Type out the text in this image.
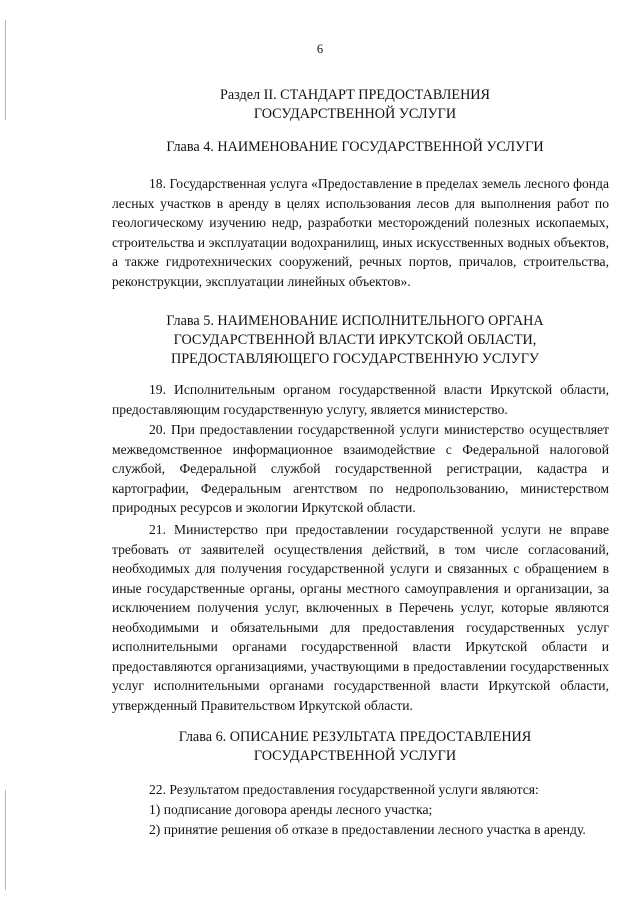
6
Раздел II. СТАНДАРТ ПРЕДОСТАВЛЕНИЯ
ГОСУДАРСТВЕННОЙ УСЛУГИ
Глава 4. НАИМЕНОВАНИЕ ГОСУДАРСТВЕННОЙ УСЛУГИ

18. Государственная услуга «Предоставление в пределах земель лесного фонда лесных участков в аренду в целях использования лесов для выполнения работ по геологическому изучению недр, разработки месторождений полезных ископаемых, строительства и эксплуатации водохранилищ, иных искусственных водных объектов, а также гидротехнических сооружений, речных портов, причалов, строительства, реконструкции, эксплуатации линейных объектов».

Глава 5. НАИМЕНОВАНИЕ ИСПОЛНИТЕЛЬНОГО ОРГАНА
ГОСУДАРСТВЕННОЙ ВЛАСТИ ИРКУТСКОЙ ОБЛАСТИ,
ПРЕДОСТАВЛЯЮЩЕГО ГОСУДАРСТВЕННУЮ УСЛУГУ

19. Исполнительным органом государственной власти Иркутской области, предоставляющим государственную услугу, является министерство.

20. При предоставлении государственной услуги министерство осуществляет межведомственное информационное взаимодействие с Федеральной налоговой службой, Федеральной службой государственной регистрации, кадастра и картографии, Федеральным агентством по недропользованию, министерством природных ресурсов и экологии Иркутской области.

21. Министерство при предоставлении государственной услуги не вправе требовать от заявителей осуществления действий, в том числе согласований, необходимых для получения государственной услуги и связанных с обращением в иные государственные органы, органы местного самоуправления и организации, за исключением получения услуг, включенных в Перечень услуг, которые являются необходимыми и обязательными для предоставления государственных услуг исполнительными органами государственной власти Иркутской области и предоставляются организациями, участвующими в предоставлении государственных услуг исполнительными органами государственной власти Иркутской области, утвержденный Правительством Иркутской области.

Глава 6. ОПИСАНИЕ РЕЗУЛЬТАТА ПРЕДОСТАВЛЕНИЯ
ГОСУДАРСТВЕННОЙ УСЛУГИ

22. Результатом предоставления государственной услуги являются:

1) подписание договора аренды лесного участка;

2) принятие решения об отказе в предоставлении лесного участка в аренду.
